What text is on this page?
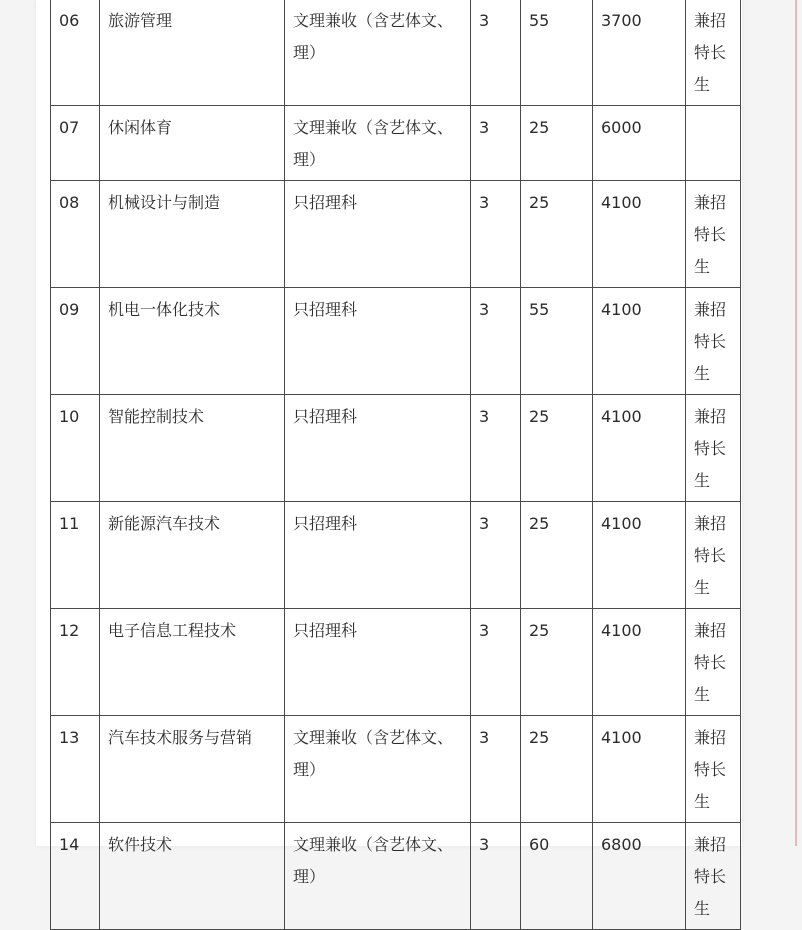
06	旅游管理	文理兼收（含艺体文、理）	3	55	3700	兼招特长生
07	休闲体育	文理兼收（含艺体文、理）	3	25	6000	
08	机械设计与制造	只招理科	3	25	4100	兼招特长生
09	机电一体化技术	只招理科	3	55	4100	兼招特长生
10	智能控制技术	只招理科	3	25	4100	兼招特长生
11	新能源汽车技术	只招理科	3	25	4100	兼招特长生
12	电子信息工程技术	只招理科	3	25	4100	兼招特长生
13	汽车技术服务与营销	文理兼收（含艺体文、理）	3	25	4100	兼招特长生
14	软件技术	文理兼收（含艺体文、理）	3	60	6800	兼招特长生
